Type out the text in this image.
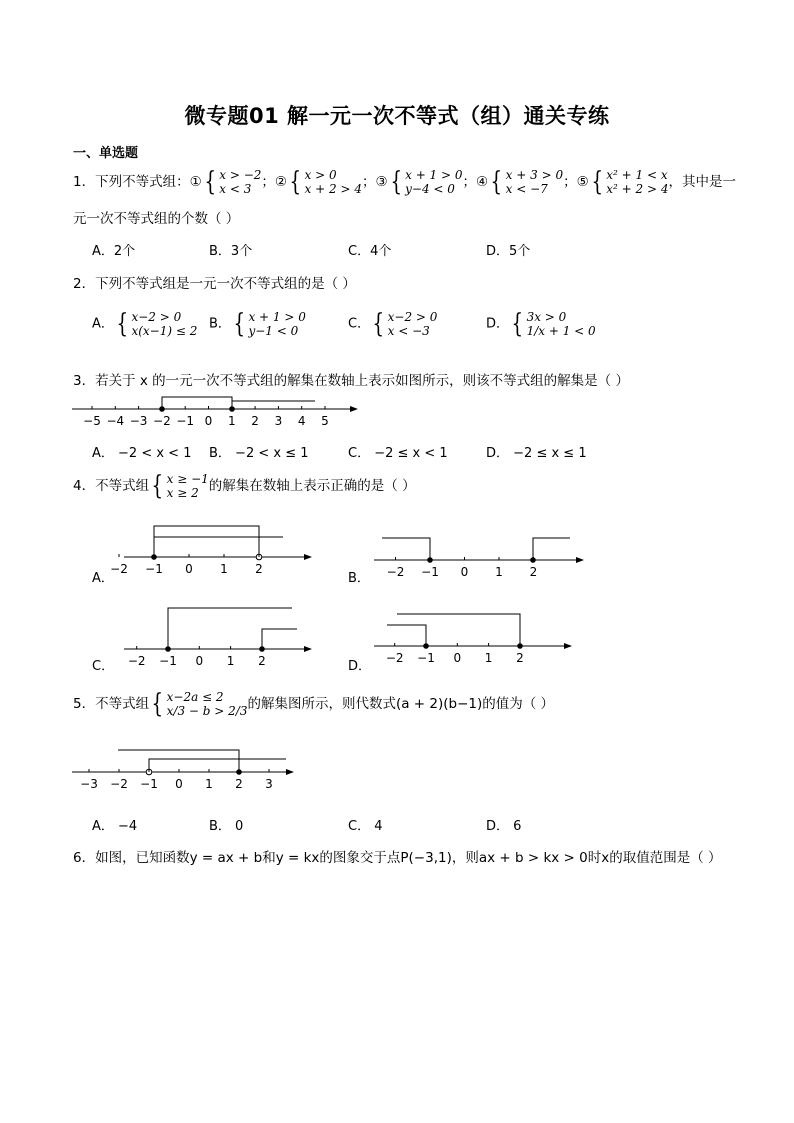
微专题01 解一元一次不等式（组）通关专练
一、单选题
1．下列不等式组：① { x > −2
x < 3 ；② { x > 0
x + 2 > 4 ；③ { x + 1 > 0
y−4 < 0 ；④ { x + 3 > 0
x < −7	；⑤ { x² + 1 < x
x² + 2 > 4 ，其中是一
元一次不等式组的个数（ ）
A．2个	B．3个	C．4个	D．5个
2．下列不等式组是一元一次不等式组的是（ ）
A． { x−2 > 0
x(x−1) ≤ 2 B． { x + 1 > 0
y−1 < 0	C． { x−2 > 0
x < −3	D． { 3x > 0
1/x + 1 < 0
3．若关于 x 的一元一次不等式组的解集在数轴上表示如图所示，则该不等式组的解集是（ ）
−5 −4 −3 −2 −1 0 1 2 3 4 5
A． −2 < x < 1 B． −2 < x ≤ 1	C． −2 ≤ x < 1	D． −2 ≤ x ≤ 1
4．不等式组 { x ≥ −1
x ≥ 2 的解集在数轴上表示正确的是（ ）
−2 −1 0 1 2
A．	−2 −1 0 1 2
B．
−2 −1 0 1 2
C．
−2 −1 0 1 2
D．
5．不等式组 { x−2a ≤ 2
x/3 − b > 2/3 的解集图所示，则代数式(a + 2)(b−1)的值为（ ）
−3 −2 −1 0 1 2 3
A． −4	B． 0	C． 4	D． 6
6．如图，已知函数y = ax + b和y = kx的图象交于点P(−3,1)，则ax + b > kx > 0时x的取值范围是（ ）
